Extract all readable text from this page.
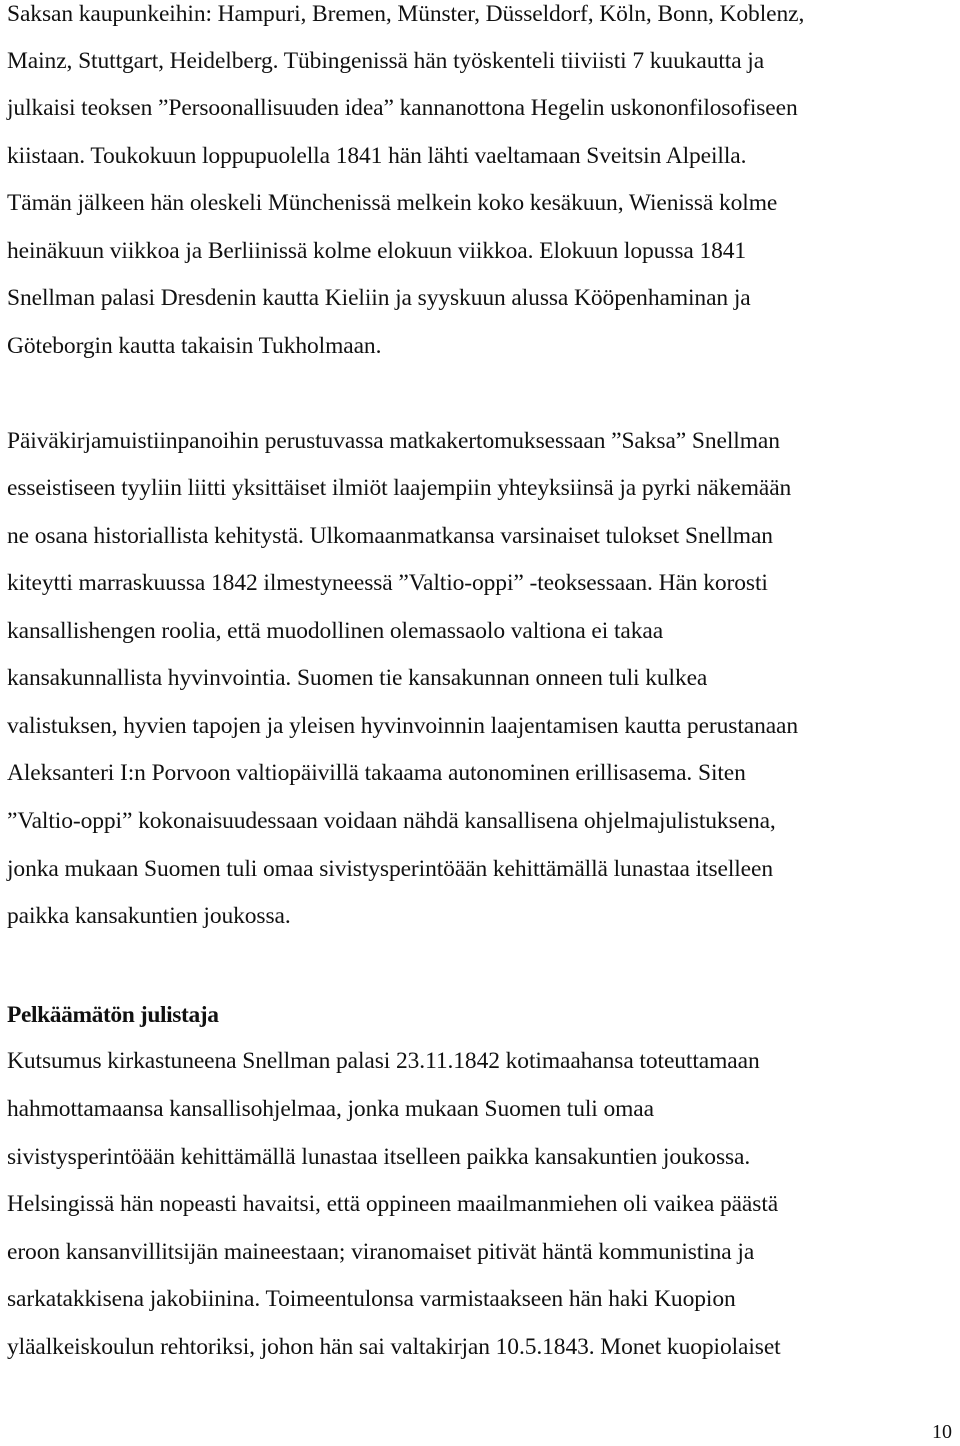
Saksan kaupunkeihin: Hampuri, Bremen, Münster, Düsseldorf, Köln, Bonn, Koblenz,
Mainz, Stuttgart, Heidelberg. Tübingenissä hän työskenteli tiiviisti 7 kuukautta ja
julkaisi teoksen ”Persoonallisuuden idea” kannanottona Hegelin uskononfilosofiseen
kiistaan. Toukokuun loppupuolella 1841 hän lähti vaeltamaan Sveitsin Alpeilla.
Tämän jälkeen hän oleskeli Münchenissä melkein koko kesäkuun, Wienissä kolme
heinäkuun viikkoa ja Berliinissä kolme elokuun viikkoa. Elokuun lopussa 1841
Snellman palasi Dresdenin kautta Kieliin ja syyskuun alussa Kööpenhaminan ja
Göteborgin kautta takaisin Tukholmaan.
Päiväkirjamuistiinpanoihin perustuvassa matkakertomuksessaan ”Saksa” Snellman
esseistiseen tyyliin liitti yksittäiset ilmiöt laajempiin yhteyksiinsä ja pyrki näkemään
ne osana historiallista kehitystä. Ulkomaanmatkansa varsinaiset tulokset Snellman
kiteytti marraskuussa 1842 ilmestyneessä ”Valtio-oppi” -teoksessaan. Hän korosti
kansallishengen roolia, että muodollinen olemassaolo valtiona ei takaa
kansakunnallista hyvinvointia. Suomen tie kansakunnan onneen tuli kulkea
valistuksen, hyvien tapojen ja yleisen hyvinvoinnin laajentamisen kautta perustanaan
Aleksanteri I:n Porvoon valtiopäivillä takaama autonominen erillisasema. Siten
”Valtio-oppi” kokonaisuudessaan voidaan nähdä kansallisena ohjelmajulistuksena,
jonka mukaan Suomen tuli omaa sivistysperintöään kehittämällä lunastaa itselleen
paikka kansakuntien joukossa.
Pelkäämätön julistaja
Kutsumus kirkastuneena Snellman palasi 23.11.1842 kotimaahansa toteuttamaan
hahmottamaansa kansallisohjelmaa, jonka mukaan Suomen tuli omaa
sivistysperintöään kehittämällä lunastaa itselleen paikka kansakuntien joukossa.
Helsingissä hän nopeasti havaitsi, että oppineen maailmanmiehen oli vaikea päästä
eroon kansanvillitsijän maineestaan; viranomaiset pitivät häntä kommunistina ja
sarkatakkisena jakobiinina. Toimeentulonsa varmistaakseen hän haki Kuopion
yläalkeiskoulun rehtoriksi, johon hän sai valtakirjan 10.5.1843. Monet kuopiolaiset
10
